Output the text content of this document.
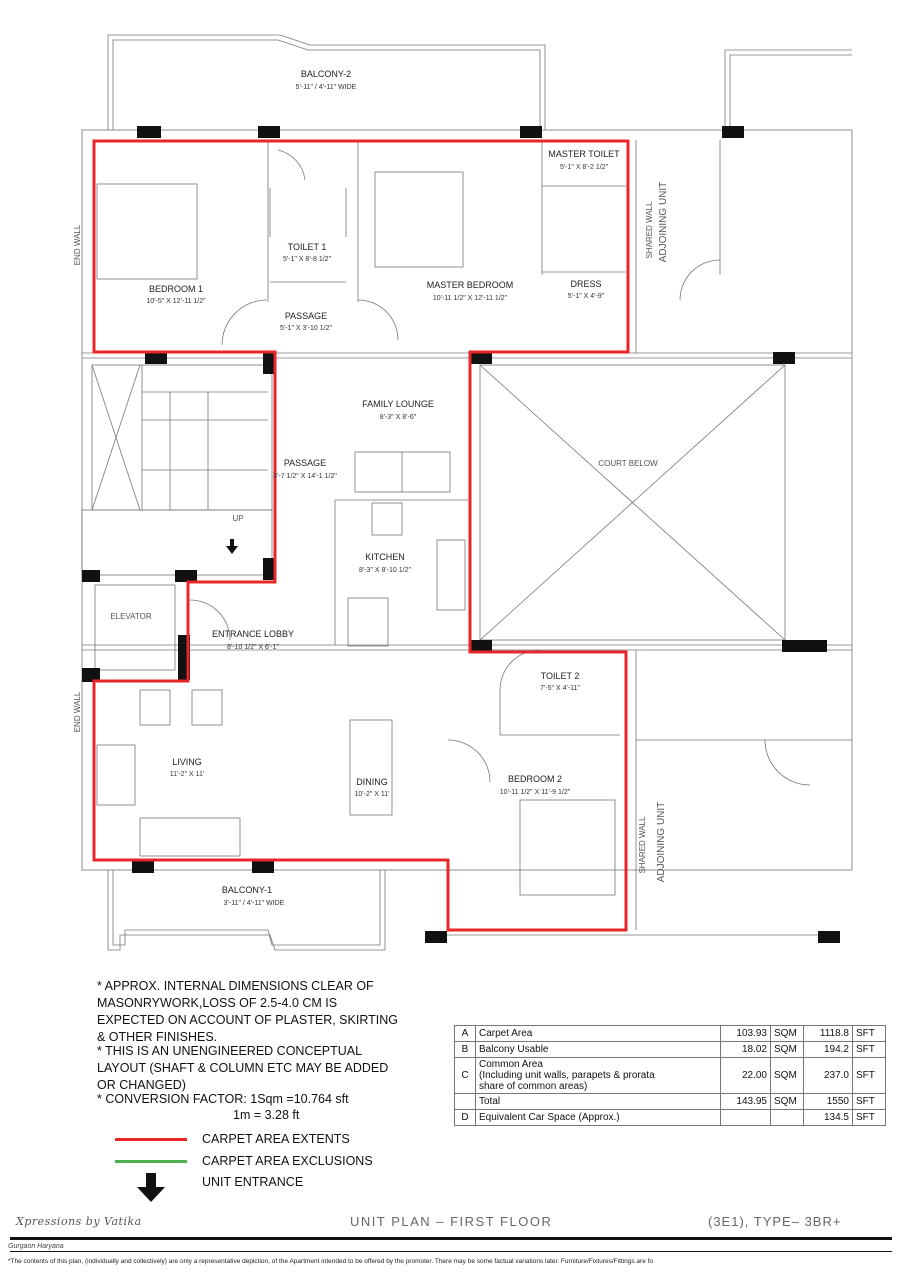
BALCONY-2
5'-11" / 4'-11" WIDE
MASTER TOILET
5'-1" X 8'-2 1/2"
TOILET 1
5'-1" X 8'-8 1/2"
BEDROOM 1
10'-5" X 12'-11 1/2"
MASTER BEDROOM
10'-11 1/2" X 12'-11 1/2"
DRESS
5'-1" X 4'-9"
PASSAGE
5'-1" X 3'-10 1/2"
FAMILY LOUNGE
8'-3" X 8'-6"
PASSAGE
3'-7 1/2" X 14'-1 1/2"
KITCHEN
8'-3" X 8'-10 1/2"
ENTRANCE LOBBY
8'-10 1/2" X 6'-1"
TOILET 2
7'-5" X 4'-11"
LIVING
11'-2" X 11'
DINING
10'-2" X 11'
BEDROOM 2
10'-11 1/2" X 11'-9 1/2"
BALCONY-1
3'-11" / 4'-11" WIDE
COURT BELOW
ELEVATOR
UP
END WALL
END WALL
SHARED WALL ADJOINING UNIT
SHARED WALL ADJOINING UNIT

* APPROX. INTERNAL DIMENSIONS CLEAR OF MASONRYWORK,LOSS OF 2.5-4.0 CM IS EXPECTED ON ACCOUNT OF PLASTER, SKIRTING & OTHER FINISHES.

* THIS IS AN UNENGINEERED CONCEPTUAL LAYOUT (SHAFT & COLUMN ETC MAY BE ADDED OR CHANGED)

* CONVERSION FACTOR: 1Sqm =10.764 sft

1m = 3.28 ft

CARPET AREA EXTENTS
CARPET AREA EXCLUSIONS
UNIT ENTRANCE
A	Carpet Area	103.93	SQM	1118.8	SFT
B	Balcony Usable	18.02	SQM	194.2	SFT
C	Common Area
(Including unit walls, parapets & prorata
share of common areas)	22.00	SQM	237.0	SFT
	Total	143.95	SQM	1550	SFT
D	Equivalent Car Space (Approx.)			134.5	SFT
Xpressions by Vatika	UNIT PLAN – FIRST FLOOR	(3E1), TYPE– 3BR+
Gurgaon Haryana
*The contents of this plan, (individually and collectively) are only a representative depiction, of the Apartment intended to be offered by the promoter. There may be some factual variations later. Furniture/Fixtures/Fittings are fo
